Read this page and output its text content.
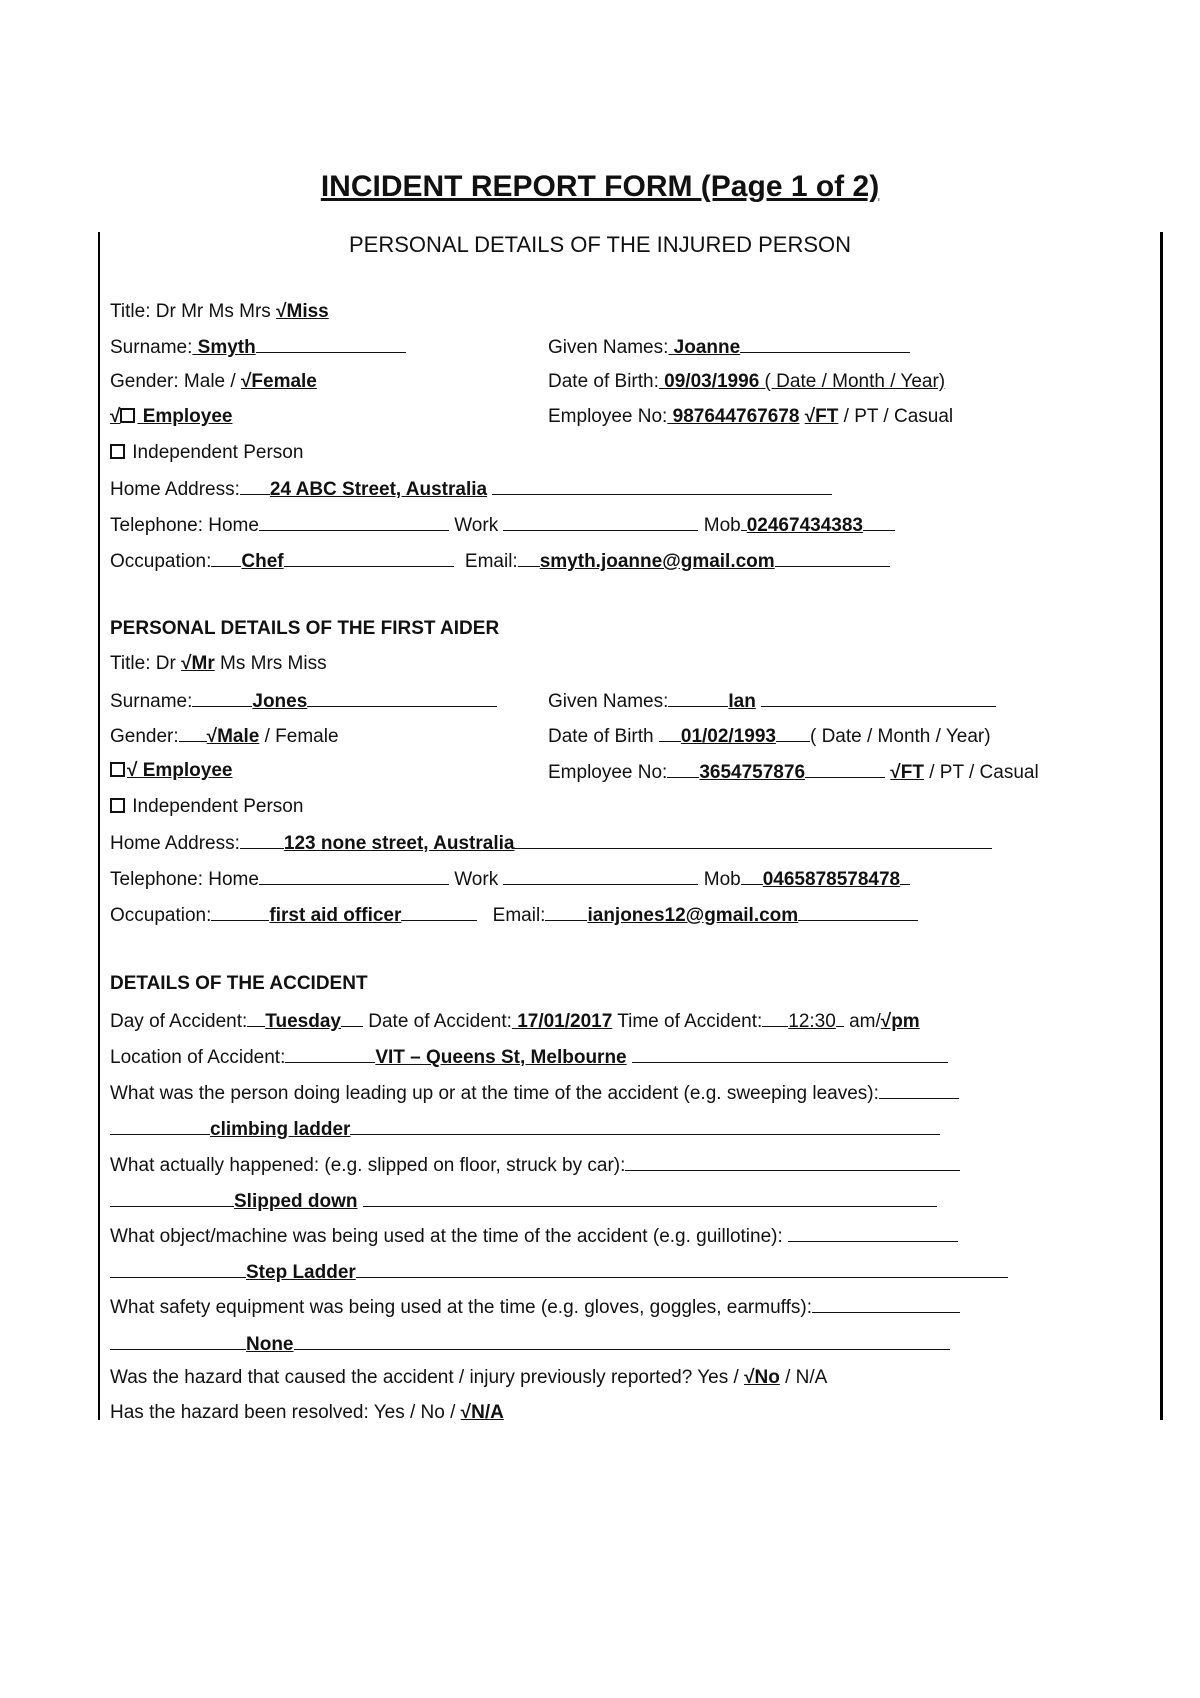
INCIDENT REPORT FORM (Page 1 of 2)
PERSONAL DETAILS OF THE INJURED PERSON
Title: Dr Mr Ms Mrs √Miss
Surname: Smyth	Given Names: Joanne
Gender: Male / √Female	Date of Birth: 09/03/1996 ( Date / Month / Year)
√ Employee	Employee No: 987644767678 √FT / PT / Casual
Independent Person
Home Address: 24 ABC Street, Australia
Telephone: Home	Work	Mob 02467434383
Occupation: Chef	Email: smyth.joanne@gmail.com
PERSONAL DETAILS OF THE FIRST AIDER
Title: Dr √Mr Ms Mrs Miss
Surname:	Jones	Given Names:	Ian
Gender: √Male / Female	Date of Birth 01/02/1993 ( Date / Month / Year)
√ Employee	Employee No: 3654757876	√FT / PT / Casual
Independent Person
Home Address: 123 none street, Australia
Telephone: Home	Work	Mob 0465878578478
Occupation:	first aid officer	Email: ianjones12@gmail.com
DETAILS OF THE ACCIDENT
Day of Accident: Tuesday Date of Accident: 17/01/2017 Time of Accident: 12:30 am/√pm
Location of Accident:	VIT – Queens St, Melbourne
What was the person doing leading up or at the time of the accident (e.g. sweeping leaves):
climbing ladder
What actually happened: (e.g. slipped on floor, struck by car):
Slipped down
What object/machine was being used at the time of the accident (e.g. guillotine):
Step Ladder
What safety equipment was being used at the time (e.g. gloves, goggles, earmuffs):
None
Was the hazard that caused the accident / injury previously reported? Yes / √No / N/A
Has the hazard been resolved: Yes / No / √N/A
